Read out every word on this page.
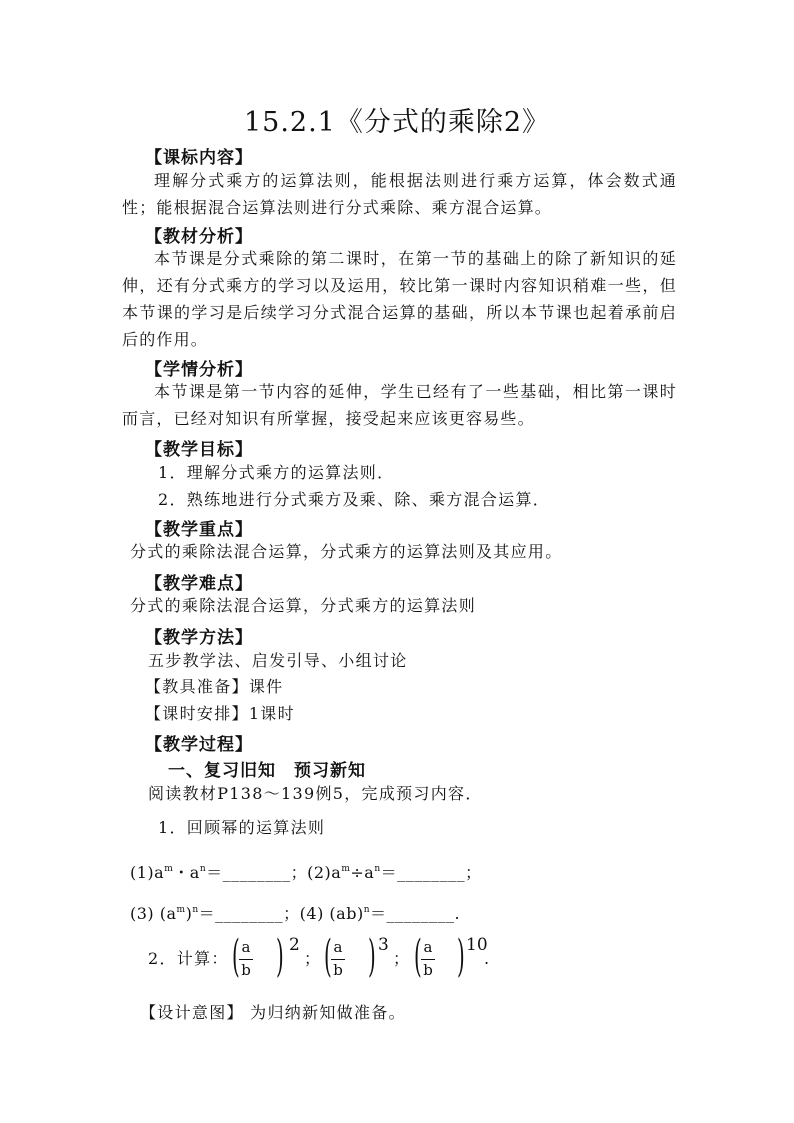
15.2.1《分式的乘除2》
【课标内容】
理解分式乘方的运算法则，能根据法则进行乘方运算，体会数式通性；能根据混合运算法则进行分式乘除、乘方混合运算。
【教材分析】
本节课是分式乘除的第二课时，在第一节的基础上的除了新知识的延伸，还有分式乘方的学习以及运用，较比第一课时内容知识稍难一些，但本节课的学习是后续学习分式混合运算的基础，所以本节课也起着承前启后的作用。
【学情分析】
本节课是第一节内容的延伸，学生已经有了一些基础，相比第一课时而言，已经对知识有所掌握，接受起来应该更容易些。
【教学目标】
1．理解分式乘方的运算法则．
2．熟练地进行分式乘方及乘、除、乘方混合运算．
【教学重点】
分式的乘除法混合运算，分式乘方的运算法则及其应用。
【教学难点】
分式的乘除法混合运算，分式乘方的运算法则
【教学方法】
五步教学法、启发引导、小组讨论
【教具准备】课件
【课时安排】1课时
【教学过程】
一、复习旧知　预习新知
阅读教材P138～139例5，完成预习内容．
1．回顾幂的运算法则
$(1)a^m$・$a^n=\_\_\_\_\_\_\_\_$；$(2)a^m\div a^n=\_\_\_\_\_\_\_\_$；
(3) $(a^m)^n=\_\_\_\_\_\_\_\_$；(4) (ab)$^n$＝________.
2．计算： ( a
b ) 2
； ( a
b ) 3
； ( a
b ) 10
.
【设计意图】 为归纳新知做准备。
